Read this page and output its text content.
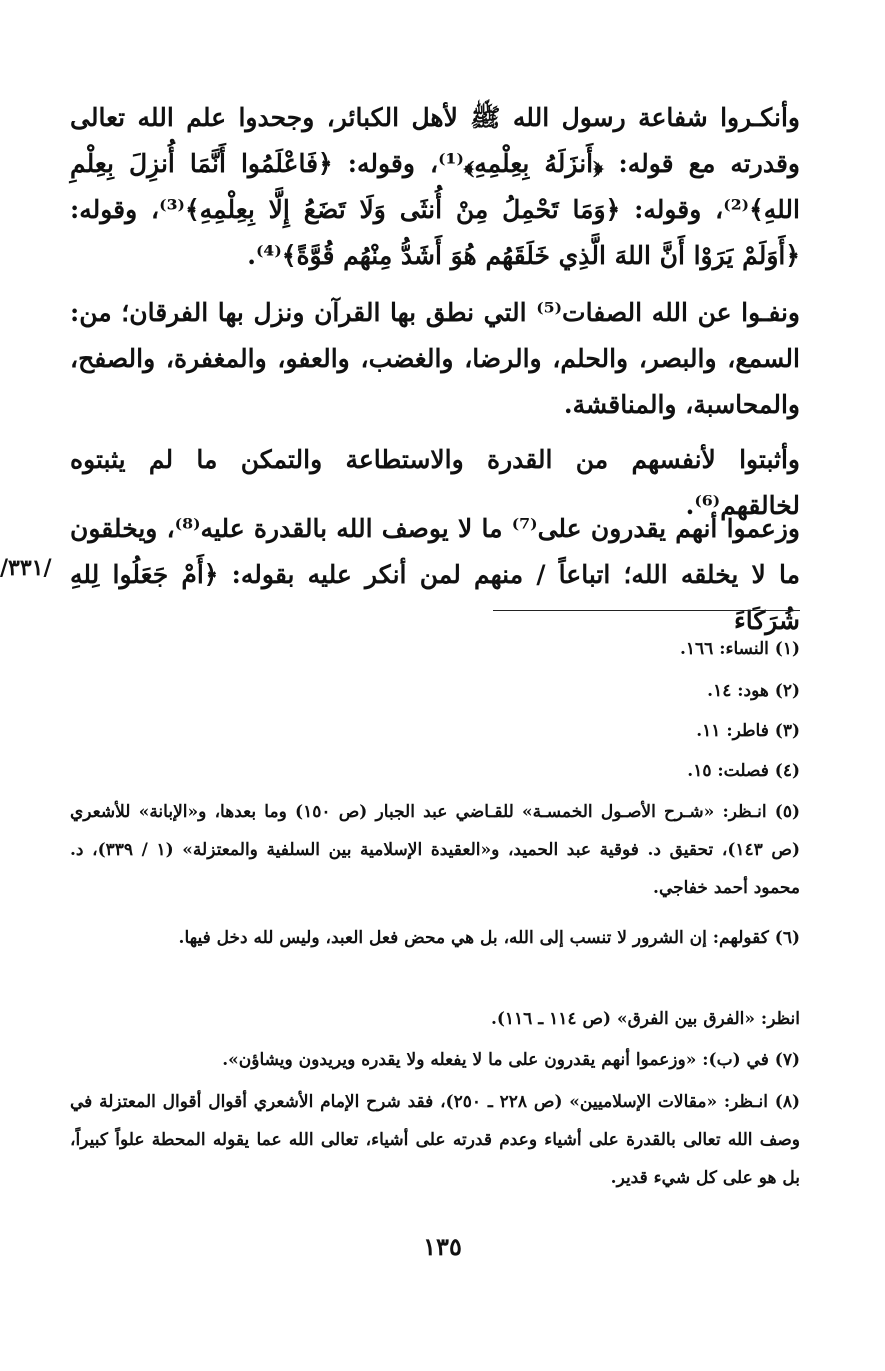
وأنكـروا شفاعة رسول الله ﷺ لأهل الكبائر، وجحدوا علم الله تعالى وقدرته مع قوله: ﴿أَنزَلَهُ بِعِلْمِهِ﴾⁽¹⁾، وقوله: ﴿فَاعْلَمُوا أَنَّمَا أُنزِلَ بِعِلْمِ اللهِ﴾⁽²⁾، وقوله: ﴿وَمَا تَحْمِلُ مِنْ أُنثَى وَلَا تَضَعُ إِلَّا بِعِلْمِهِ﴾⁽³⁾، وقوله: ﴿أَوَلَمْ يَرَوْا أَنَّ اللهَ الَّذِي خَلَقَهُم هُوَ أَشَدُّ مِنْهُم قُوَّةً﴾⁽⁴⁾.

ونفـوا عن الله الصفات⁽⁵⁾ التي نطق بها القرآن ونزل بها الفرقان؛ من: السمع، والبصر، والحلم، والرضا، والغضب، والعفو، والمغفرة، والصفح، والمحاسبة، والمناقشة.

وأثبتوا لأنفسهم من القدرة والاستطاعة والتمكن ما لم يثبتوه لخالقهم⁽⁶⁾.

وزعموا أنهم يقدرون على⁽⁷⁾ ما لا يوصف الله بالقدرة عليه⁽⁸⁾، ويخلقون ما لا يخلقه الله؛ اتباعاً / منهم لمن أنكر عليه بقوله: ﴿أَمْ جَعَلُوا لِلهِ شُرَكَاءَ

/٣٣١/

(١) النساء: ١٦٦.

(٢) هود: ١٤.

(٣) فاطر: ١١.

(٤) فصلت: ١٥.

(٥) انـظر: «شـرح الأصـول الخمسـة» للقـاضي عبد الجبار (ص ١٥٠) وما بعدها، و«الإبانة» للأشعري (ص ١٤٣)، تحقيق د. فوقية عبد الحميد، و«العقيدة الإسلامية بين السلفية والمعتزلة» (١ / ٣٣٩)، د. محمود أحمد خفاجي.

(٦) كقولهم: إن الشرور لا تنسب إلى الله، بل هي محض فعل العبد، وليس لله دخل فيها.

انظر: «الفرق بين الفرق» (ص ١١٤ ـ ١١٦).

(٧) في (ب): «وزعموا أنهم يقدرون على ما لا يفعله ولا يقدره ويريدون ويشاؤن».

(٨) انـظر: «مقالات الإسلاميين» (ص ٢٢٨ ـ ٢٥٠)، فقد شرح الإمام الأشعري أقوال أقوال المعتزلة في وصف الله تعالى بالقدرة على أشياء وعدم قدرته على أشياء، تعالى الله عما يقوله المحطة علواً كبيراً، بل هو على كل شيء قدير.

١٣٥
